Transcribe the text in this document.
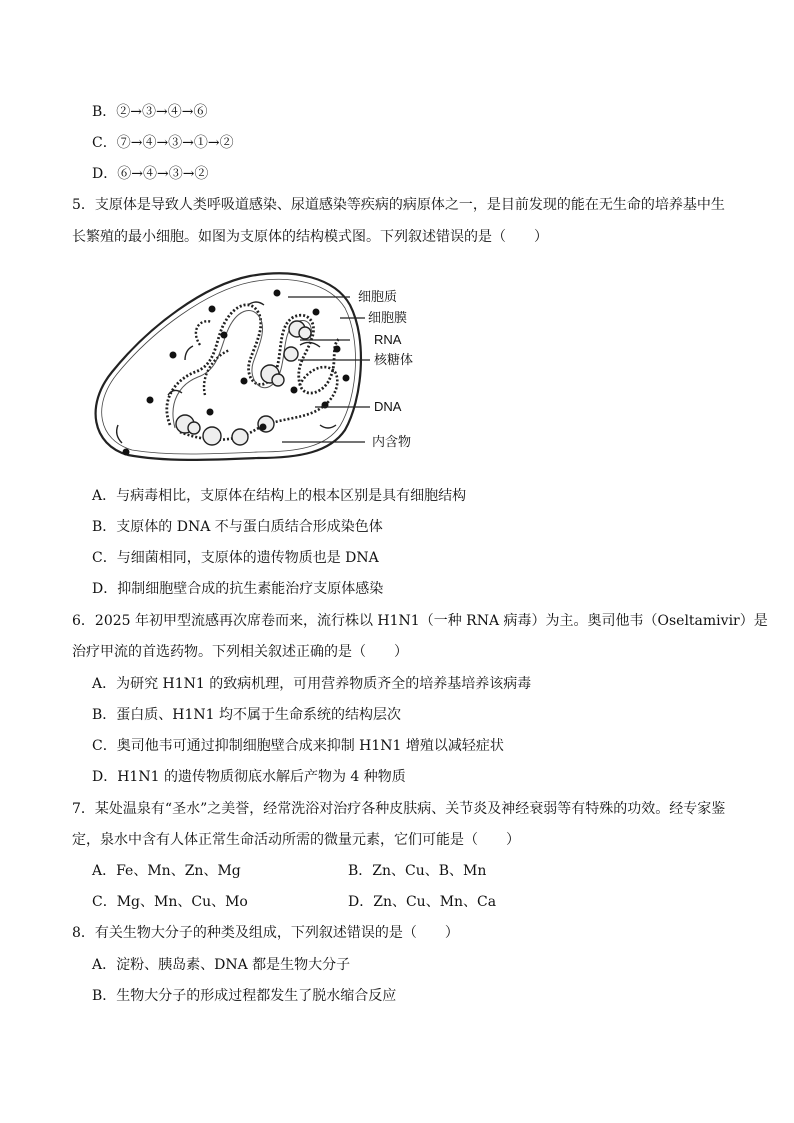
B．②→③→④→⑥
C．⑦→④→③→①→②
D．⑥→④→③→②
5．支原体是导致人类呼吸道感染、尿道感染等疾病的病原体之一，是目前发现的能在无生命的培养基中生
长繁殖的最小细胞。如图为支原体的结构模式图。下列叙述错误的是（　　）
细胞质
细胞膜
RNA
核糖体
DNA
内含物
A．与病毒相比，支原体在结构上的根本区别是具有细胞结构
B．支原体的 DNA 不与蛋白质结合形成染色体
C．与细菌相同，支原体的遗传物质也是 DNA
D．抑制细胞壁合成的抗生素能治疗支原体感染
6．2025 年初甲型流感再次席卷而来，流行株以 H1N1（一种 RNA 病毒）为主。奥司他韦（Oseltamivir）是
治疗甲流的首选药物。下列相关叙述正确的是（　　）
A．为研究 H1N1 的致病机理，可用营养物质齐全的培养基培养该病毒
B．蛋白质、H1N1 均不属于生命系统的结构层次
C．奥司他韦可通过抑制细胞壁合成来抑制 H1N1 增殖以减轻症状
D．H1N1 的遗传物质彻底水解后产物为 4 种物质
7．某处温泉有“圣水”之美誉，经常洗浴对治疗各种皮肤病、关节炎及神经衰弱等有特殊的功效。经专家鉴
定，泉水中含有人体正常生命活动所需的微量元素，它们可能是（　　）
A．Fe、Mn、Zn、Mg	B．Zn、Cu、B、Mn
C．Mg、Mn、Cu、Mo	D．Zn、Cu、Mn、Ca
8．有关生物大分子的种类及组成，下列叙述错误的是（　　）
A．淀粉、胰岛素、DNA 都是生物大分子
B．生物大分子的形成过程都发生了脱水缩合反应
